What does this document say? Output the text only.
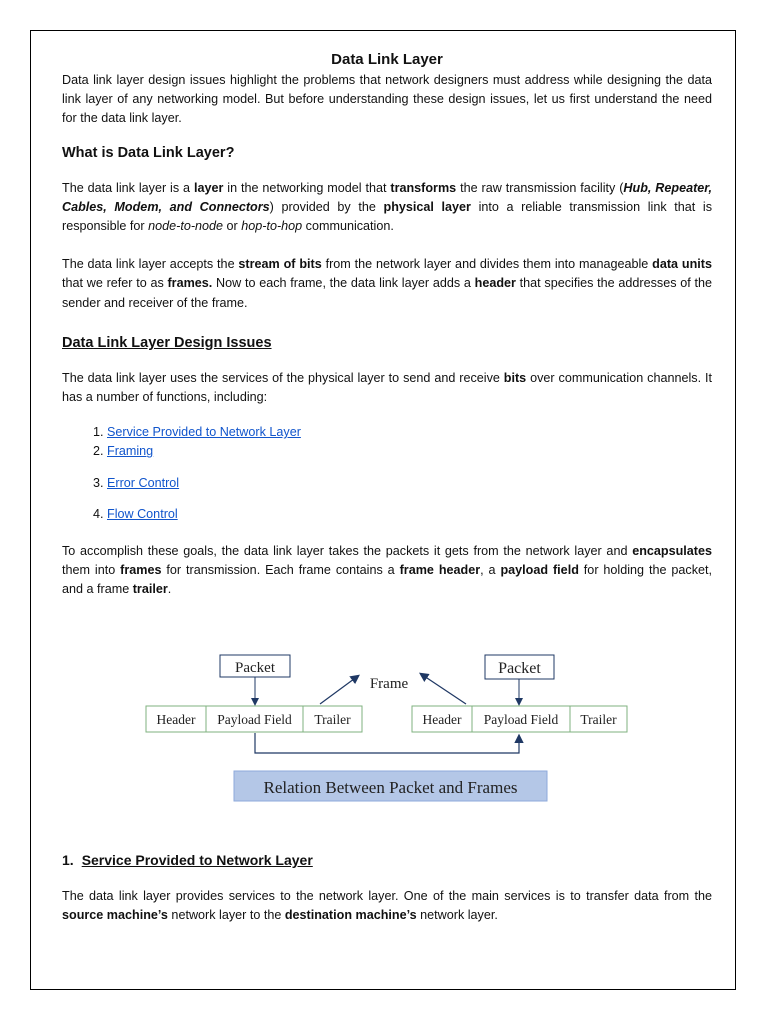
Data Link Layer

Data link layer design issues highlight the problems that network designers must address while designing the data link layer of any networking model. But before understanding these design issues, let us first understand the need for the data link layer.

What is Data Link Layer?

The data link layer is a layer in the networking model that transforms the raw transmission facility (Hub, Repeater, Cables, Modem, and Connectors) provided by the physical layer into a reliable transmission link that is responsible for node-to-node or hop-to-hop communication.

The data link layer accepts the stream of bits from the network layer and divides them into manageable data units that we refer to as frames. Now to each frame, the data link layer adds a header that specifies the addresses of the sender and receiver of the frame.

Data Link Layer Design Issues

The data link layer uses the services of the physical layer to send and receive bits over communication channels. It has a number of functions, including:

1. Service Provided to Network Layer
2. Framing
3. Error Control
4. Flow Control

To accomplish these goals, the data link layer takes the packets it gets from the network layer and encapsulates them into frames for transmission. Each frame contains a frame header, a payload field for holding the packet, and a frame trailer.

Packet
Header Payload Field Trailer
Packet
Header Payload Field Trailer
Frame
Relation Between Packet and Frames
1. Service Provided to Network Layer

The data link layer provides services to the network layer. One of the main services is to transfer data from the source machine’s network layer to the destination machine’s network layer.
